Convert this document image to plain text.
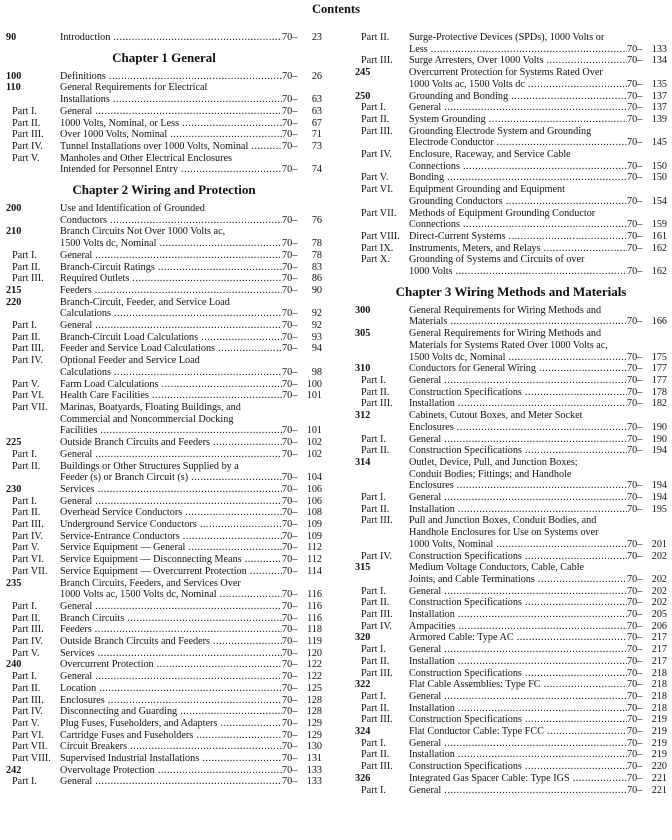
Contents
90	Introduction .....	70–	23
Chapter 1 General
100	Definitions .....	70–	26
110	General Requirements for Electrical
Installations .....	70–	63
Part I.	General .....	70–	63
Part II.	1000 Volts, Nominal, or Less .....	70–	67
Part III.	Over 1000 Volts, Nominal .....	70–	71
Part IV.	Tunnel Installations over 1000 Volts, Nominal .....	70–	73
Part V.	Manholes and Other Electrical Enclosures
Intended for Personnel Entry .....	70–	74
Chapter 2 Wiring and Protection
200	Use and Identification of Grounded
Conductors .....	70–	76
210	Branch Circuits Not Over 1000 Volts ac,
1500 Volts dc, Nominal .....	70–	78
Part I.	General .....	70–	78
Part II.	Branch-Circuit Ratings .....	70–	83
Part III.	Required Outlets .....	70–	86
215	Feeders .....	70–	90
220	Branch-Circuit, Feeder, and Service Load
Calculations .....	70–	92
Part I.	General .....	70–	92
Part II.	Branch-Circuit Load Calculations .....	70–	93
Part III.	Feeder and Service Load Calculations .....	70–	94
Part IV.	Optional Feeder and Service Load
Calculations .....	70–	98
Part V.	Farm Load Calculations .....	70– 100
Part VI.	Health Care Facilities .....	70– 101
Part VII.	Marinas, Boatyards, Floating Buildings, and
Commercial and Noncommercial Docking
Facilities .....	70– 101
225	Outside Branch Circuits and Feeders .....	70– 102
Part I.	General .....	70– 102
Part II.	Buildings or Other Structures Supplied by a
Feeder (s) or Branch Circuit (s) .....	70– 104
230	Services .....	70– 106
Part I.	General .....	70– 106
Part II.	Overhead Service Conductors .....	70– 108
Part III.	Underground Service Conductors .....	70– 109
Part IV.	Service-Entrance Conductors .....	70– 109
Part V.	Service Equipment — General .....	70– 112
Part VI.	Service Equipment — Disconnecting Means .....	70– 112
Part VII.	Service Equipment — Overcurrent Protection .....	70– 114
235	Branch Circuits, Feeders, and Services Over
1000 Volts ac, 1500 Volts dc, Nominal .....	70– 116
Part I.	General .....	70– 116
Part II.	Branch Circuits .....	70– 116
Part III.	Feeders .....	70– 118
Part IV.	Outside Branch Circuits and Feeders .....	70– 119
Part V.	Services .....	70– 120
240	Overcurrent Protection .....	70– 122
Part I.	General .....	70– 122
Part II.	Location .....	70– 125
Part III.	Enclosures .....	70– 128
Part IV.	Disconnecting and Guarding .....	70– 128
Part V.	Plug Fuses, Fuseholders, and Adapters .....	70– 129
Part VI.	Cartridge Fuses and Fuseholders .....	70– 129
Part VII.	Circuit Breakers .....	70– 130
Part VIII. Supervised Industrial Installations .....	70– 131
242	Overvoltage Protection .....	70– 133
Part I.	General .....	70– 133
Part II.	Surge-Protective Devices (SPDs), 1000 Volts or
Less .....	70– 133
Part III.	Surge Arresters, Over 1000 Volts .....	70– 134
245	Overcurrent Protection for Systems Rated Over
1000 Volts ac, 1500 Volts dc .....	70– 135
250	Grounding and Bonding .....	70– 137
Part I.	General .....	70– 137
Part II.	System Grounding .....	70– 139
Part III.	Grounding Electrode System and Grounding
Electrode Conductor .....	70– 145
Part IV.	Enclosure, Raceway, and Service Cable
Connections .....	70– 150
Part V.	Bonding .....	70– 150
Part VI.	Equipment Grounding and Equipment
Grounding Conductors .....	70– 154
Part VII.	Methods of Equipment Grounding Conductor
Connections .....	70– 159
Part VIII. Direct-Current Systems .....	70– 161
Part IX.	Instruments, Meters, and Relays .....	70– 162
Part X.	Grounding of Systems and Circuits of over
1000 Volts .....	70– 162
Chapter 3 Wiring Methods and Materials
300	General Requirements for Wiring Methods and
Materials .....	70– 166
305	General Requirements for Wiring Methods and
Materials for Systems Rated Over 1000 Volts ac,
1500 Volts dc, Nominal .....	70– 175
310	Conductors for General Wiring .....	70– 177
Part I.	General .....	70– 177
Part II.	Construction Specifications .....	70– 178
Part III.	Installation .....	70– 182
312	Cabinets, Cutout Boxes, and Meter Socket
Enclosures .....	70– 190
Part I.	General .....	70– 190
Part II.	Construction Specifications .....	70– 194
314	Outlet, Device, Pull, and Junction Boxes;
Conduit Bodies; Fittings; and Handhole
Enclosures .....	70– 194
Part I.	General .....	70– 194
Part II.	Installation .....	70– 195
Part III.	Pull and Junction Boxes, Conduit Bodies, and
Handhole Enclosures for Use on Systems over
1000 Volts, Nominal .....	70– 201
Part IV.	Construction Specifications .....	70– 202
315	Medium Voltage Conductors, Cable, Cable
Joints, and Cable Terminations .....	70– 202
Part I.	General .....	70– 202
Part II.	Construction Specifications .....	70– 202
Part III.	Installation .....	70– 205
Part IV.	Ampacities .....	70– 206
320	Armored Cable: Type AC .....	70– 217
Part I.	General .....	70– 217
Part II.	Installation .....	70– 217
Part III.	Construction Specifications .....	70– 218
322	Flat Cable Assemblies: Type FC .....	70– 218
Part I.	General .....	70– 218
Part II.	Installation .....	70– 218
Part III.	Construction Specifications .....	70– 219
324	Flat Conductor Cable: Type FCC .....	70– 219
Part I.	General .....	70– 219
Part II.	Installation .....	70– 219
Part III.	Construction Specifications .....	70– 220
326	Integrated Gas Spacer Cable: Type IGS .....	70– 221
Part I.	General .....	70– 221
